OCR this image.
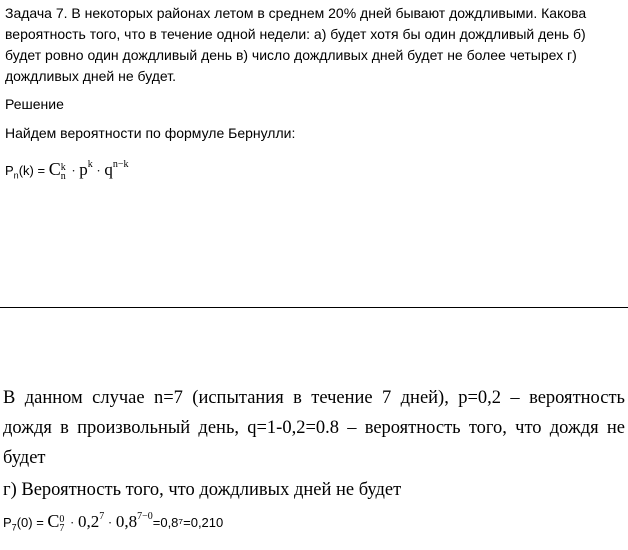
Задача 7. В некоторых районах летом в среднем 20% дней бывают дождливыми. Какова вероятность того, что в течение одной недели: а) будет хотя бы один дождливый день б) будет ровно один дождливый день в) число дождливых дней будет не более четырех г) дождливых дней не будет.
Решение
Найдем вероятности по формуле Бернулли:
$P_n(k) = C$ k
$n \cdot p^k \cdot q^{n-k}$
В данном случае n=7 (испытания в течение 7 дней), p=0,2 – вероятность дождя в произвольный день, q=1-0,2=0.8 – вероятность того, что дождя не будет
г) Вероятность того, что дождливых дней не будет
$P_7(0) = C$ 0
$7 \cdot 0,2^7 \cdot 0,8^{7-0}=0,8^7=0,210$
